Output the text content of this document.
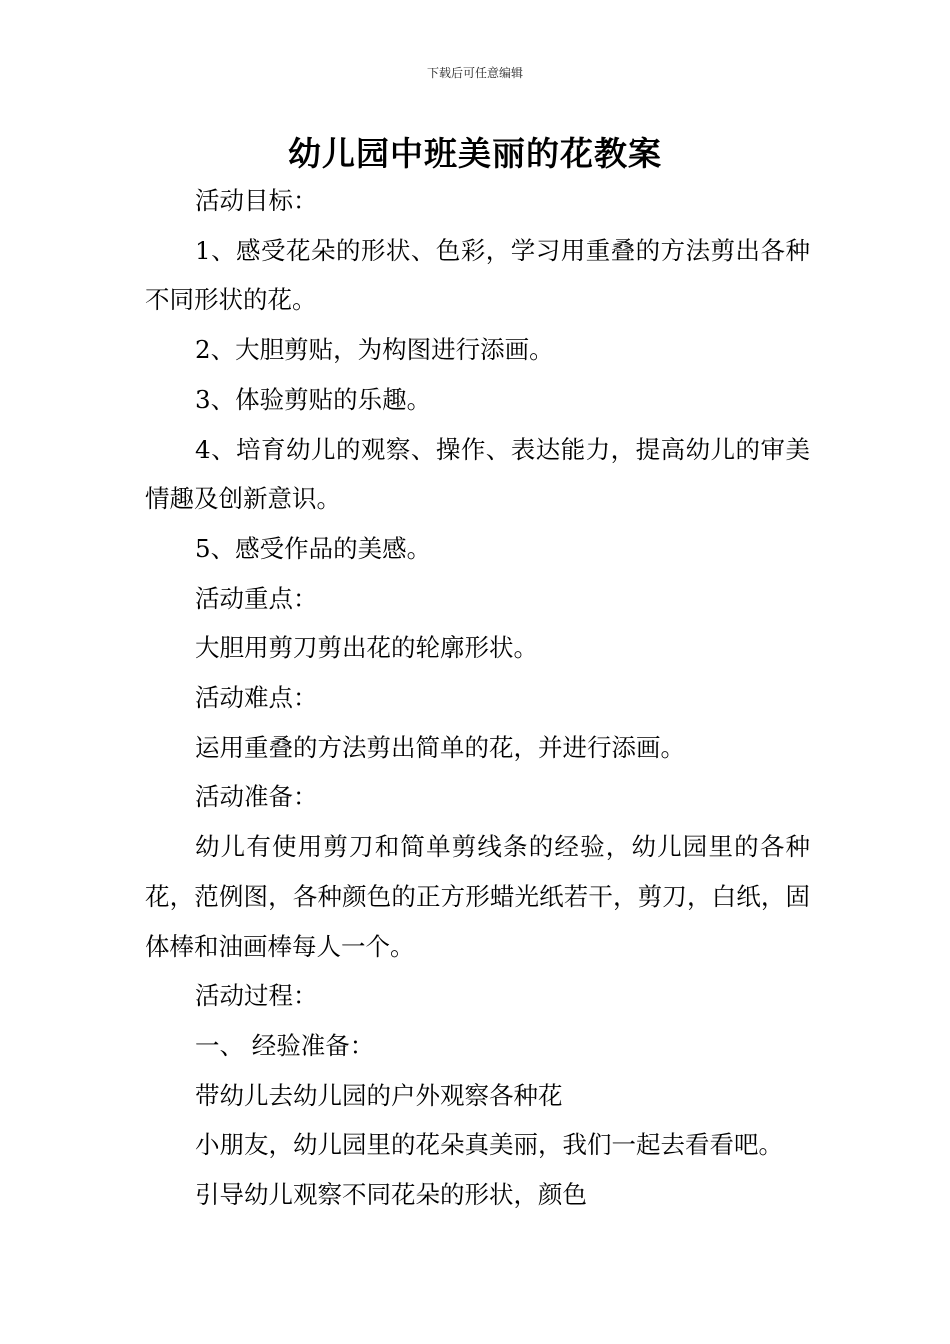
下载后可任意编辑
幼儿园中班美丽的花教案

活动目标：

1、感受花朵的形状、色彩，学习用重叠的方法剪出各种不同形状的花。

2、大胆剪贴，为构图进行添画。

3、体验剪贴的乐趣。

4、培育幼儿的观察、操作、表达能力，提高幼儿的审美情趣及创新意识。

5、感受作品的美感。

活动重点：

大胆用剪刀剪出花的轮廓形状。

活动难点：

运用重叠的方法剪出简单的花，并进行添画。

活动准备：

幼儿有使用剪刀和简单剪线条的经验，幼儿园里的各种花，范例图，各种颜色的正方形蜡光纸若干，剪刀，白纸，固体棒和油画棒每人一个。

活动过程：

一、 经验准备：

带幼儿去幼儿园的户外观察各种花

小朋友，幼儿园里的花朵真美丽，我们一起去看看吧。

引导幼儿观察不同花朵的形状，颜色
